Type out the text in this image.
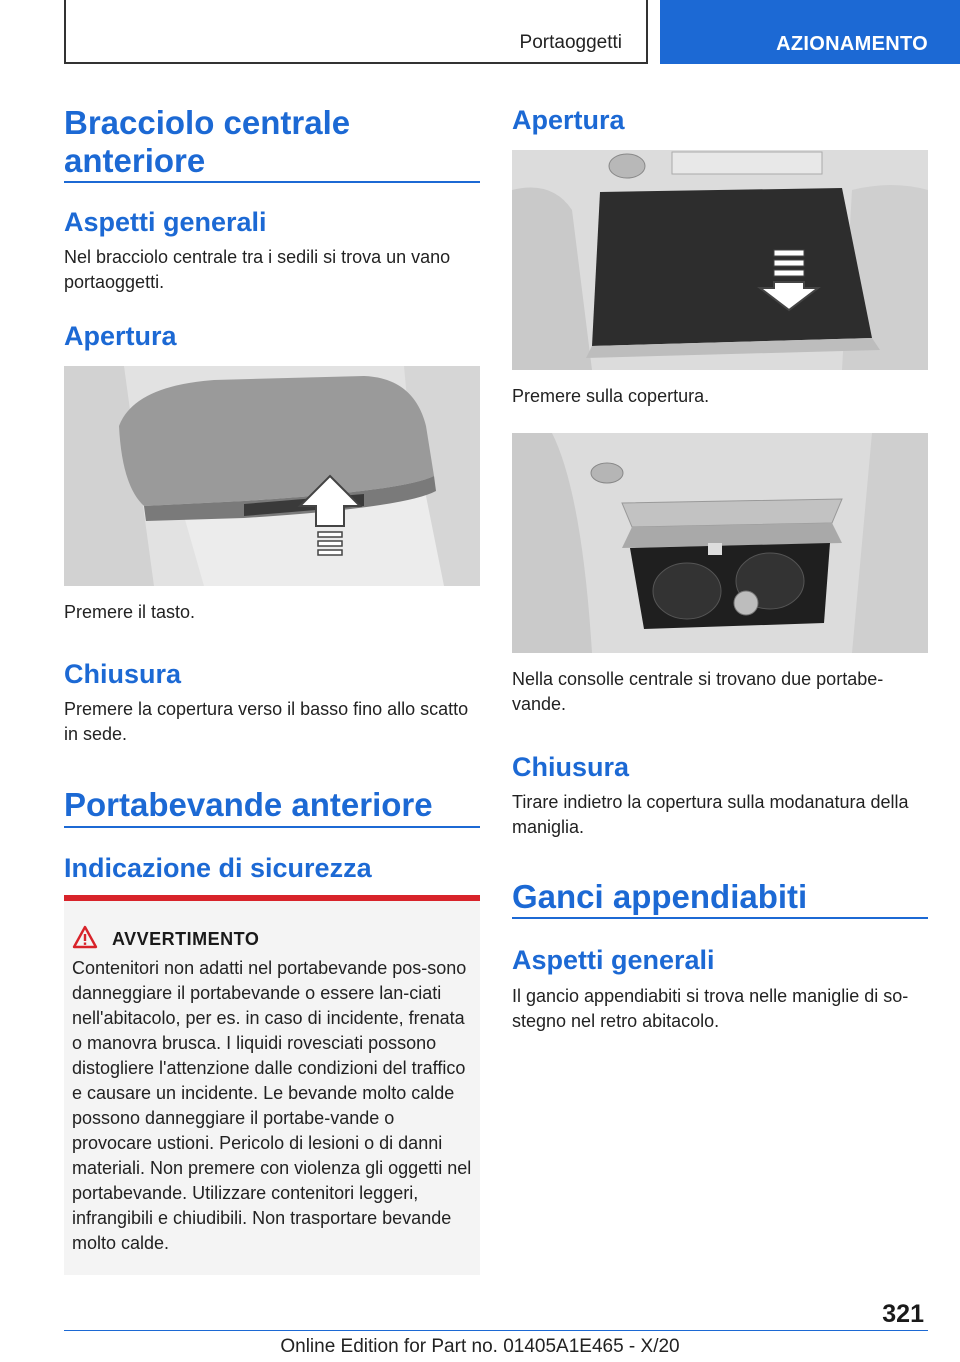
Portaoggetti	AZIONAMENTO
Bracciolo centrale anteriore
Aspetti generali

Nel bracciolo centrale tra i sedili si trova un vano portaoggetti.

Apertura

Premere il tasto.

Chiusura

Premere la copertura verso il basso fino allo scatto in sede.

Portabevande anteriore
Indicazione di sicurezza
AVVERTIMENTO

Contenitori non adatti nel portabevande pos-sono danneggiare il portabevande o essere lan-ciati nell'abitacolo, per es. in caso di incidente, frenata o manovra brusca. I liquidi rovesciati possono distogliere l'attenzione dalle condizioni del traffico e causare un incidente. Le bevande molto calde possono danneggiare il portabe-vande o provocare ustioni. Pericolo di lesioni o di danni materiali. Non premere con violenza gli oggetti nel portabevande. Utilizzare contenitori leggeri, infrangibili e chiudibili. Non trasportare bevande molto calde.

Apertura

Premere sulla copertura.

Nella consolle centrale si trovano due portabe-vande.

Chiusura

Tirare indietro la copertura sulla modanatura della maniglia.

Ganci appendiabiti
Aspetti generali

Il gancio appendiabiti si trova nelle maniglie di so-stegno nel retro abitacolo.

321
Online Edition for Part no. 01405A1E465 - X/20
